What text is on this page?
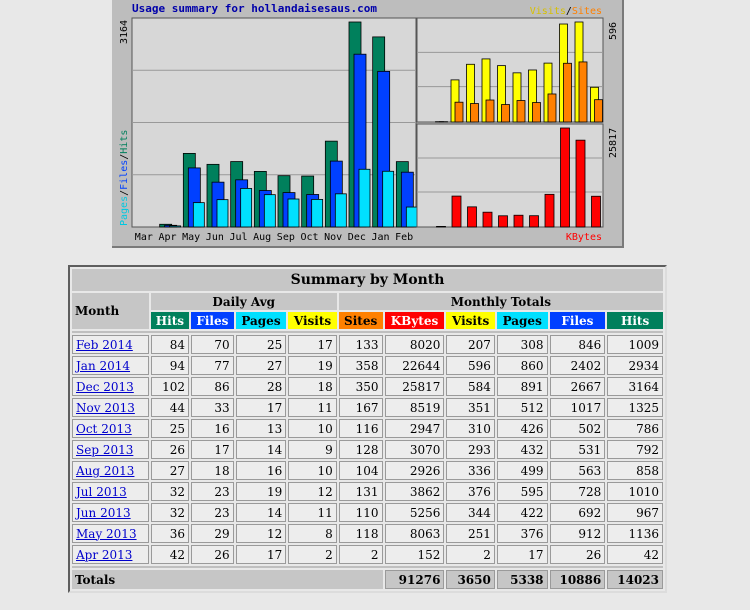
Usage summary for hollandaisesaus.com	Visits/Sites
Mar Apr May Jun Jul Aug Sep Oct Nov Dec Jan Feb
Pages/Files/Hits
3164	596
25817
KBytes
Summary by Month										
Month	Daily Avg				Monthly Totals					
	Hits	Files	Pages	Visits	Sites	KBytes	Visits	Pages	Files	Hits

Feb 2014	84	70	25	17	133	8020	207	308	846	1009
Jan 2014	94	77	27	19	358	22644	596	860	2402	2934
Dec 2013	102	86	28	18	350	25817	584	891	2667	3164
Nov 2013	44	33	17	11	167	8519	351	512	1017	1325
Oct 2013	25	16	13	10	116	2947	310	426	502	786
Sep 2013	26	17	14	9	128	3070	293	432	531	792
Aug 2013	27	18	16	10	104	2926	336	499	563	858
Jul 2013	32	23	19	12	131	3862	376	595	728	1010
Jun 2013	32	23	14	11	110	5256	344	422	692	967
May 2013	36	29	12	8	118	8063	251	376	912	1136
Apr 2013	42	26	17	2	2	152	2	17	26	42

Totals						91276	3650	5338	10886	14023
